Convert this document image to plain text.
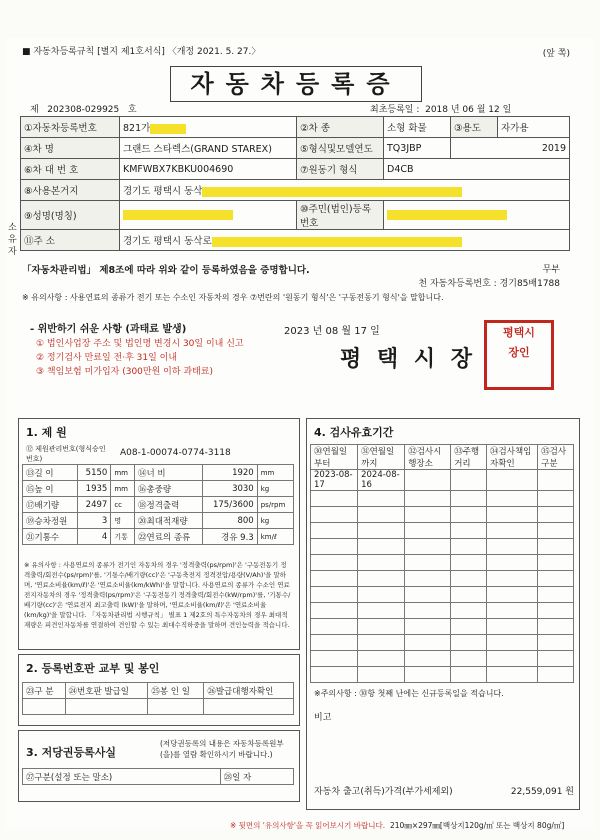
■ 자동차등록규칙 [별지 제1호서식] 〈개정 2021. 5. 27.〉	(앞 쪽)
자동차등록증
제 202308-029925 호	최초등록일 : 2018 년 06 월 12 일
①자동차등록번호	821가	②차 종	소형 화물	③용도	자가용
④차 명	그랜드 스타렉스(GRAND STAREX)	⑤형식및모델연도	TQ3JBP	2019	
⑥차 대 번 호	KMFWBX7KBKU004690	⑦원동기 형식	D4CB		
⑧사용본거지	경기도 평택시 동삭				
⑨성명(명칭)		⑩주민(법인)등록번호			
⑪주 소	경기도 평택시 동삭로				
소유자
「자동차관리법」 제8조에 따라 위와 같이 등록하였음을 증명합니다.	무부
천 자동차등록번호 : 경기85배1788
※ 유의사항 : 사용연료의 종류가 전기 또는 수소인 자동차의 경우 ⑦번란의 '원동기 형식'은 '구동전동기 형식'을 말합니다.
- 위반하기 쉬운 사항 (과태료 발생)
① 법인사업장 주소 및 법인명 변경시 30일 이내 신고
② 정기검사 만료일 전·후 31일 이내
③ 책임보험 미가입자 (300만원 이하 과태료)
2023 년 08 월 17 일
평 택 시 장
평택시
장인
1. 제 원
⑫ 제원관리번호(형식승인번호)
A08-1-00074-0774-3118
⑬길 이	5150	mm	⑭너 비	1920	mm
⑮높 이	1935	mm	⑯총중량	3030	kg
⑰배기량	2497	cc	⑱정격출력	175/3600	ps/rpm
⑲승차정원	3	명	⑳최대적재량	800	kg
㉑기통수	4	기통	㉒연료의 종류	경유 9.3	km/ℓ
※ 유의사항 : 사용연료의 종류가 전기인 자동차의 경우 '정격출력(ps/rpm)'은 '구동전동기 정격출력/회전수(ps/rpm)'를, '기통수/배기량(cc)'은 '구동축전지 정격전압/용량(V/Ah)'을 말하며, '연료소비율(km/ℓ)'은 '연료소비율(km/kWh)'을 말합니다. 사용연료의 종류가 수소인 연료전지자동차의 경우 '정격출력(ps/rpm)'은 '구동전동기 정격출력/회전수(kW/rpm)'를, '기통수/배기량(cc)'은 '연료전지 최고출력 (kW)'을 말하며, '연료소비율(km/ℓ)'은 '연료소비율(km/kg)'을 말합니다. 「자동차관리법 시행규칙」 별표 1 제2호의 특수자동차의 경우 최대적재량은 피견인자동차를 연결하여 견인할 수 있는 최대수직하중을 말하며 견인능력을 적습니다.
2. 등록번호판 교부 및 봉인
㉓구 분	㉔번호판 발급일	㉕봉 인 일	㉖발급대행자확인

3. 저당권등록사실
(저당권등록의 내용은 자동차등록원부(을)를 열람 확인하시기 바랍니다.)
㉗구분(설정 또는 말소)	㉘일 자
4. 검사유효기간
㉚연월일부터	㉛연월일까지	㉜검사시행장소	㉝주행거리	㉞검사책임자확인	㉟검사구분
2023-08-17	2024-08-16				

※주의사항 : ㉚항 첫째 난에는 신규등록일을 적습니다.
비고
자동차 출고(취득)가격(부가세제외)	22,559,091 원
※ 뒷면의 '유의사항'을 꼭 읽어보시기 바랍니다. 210㎜×297㎜[백상지120g/㎡ 또는 백상지 80g/㎡]
